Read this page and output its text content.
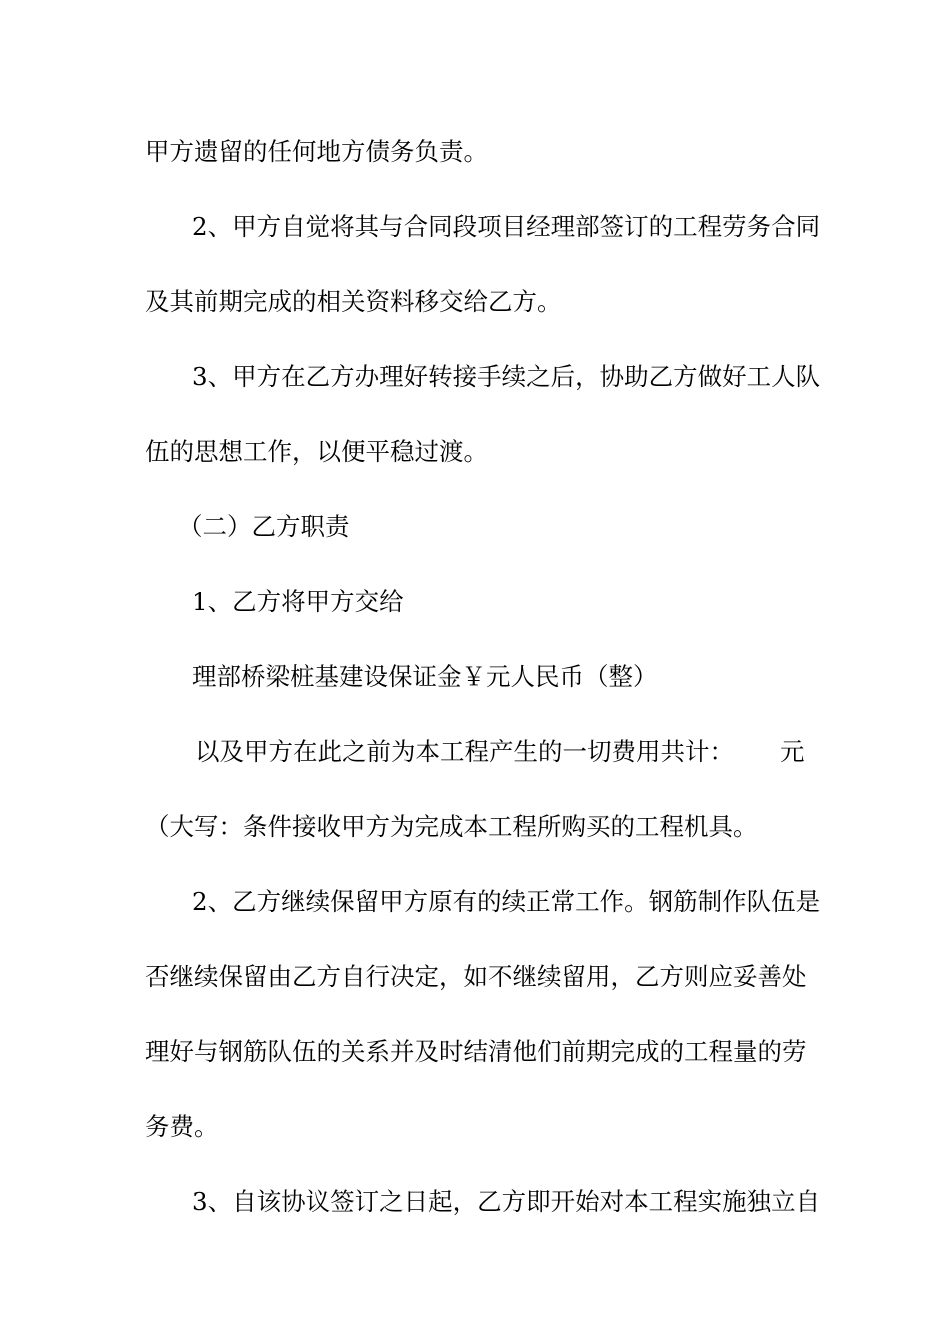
甲方遗留的任何地方债务负责。
2、甲方自觉将其与合同段项目经理部签订的工程劳务合同
及其前期完成的相关资料移交给乙方。
3、甲方在乙方办理好转接手续之后，协助乙方做好工人队
伍的思想工作，以便平稳过渡。
（二）乙方职责
1、乙方将甲方交给
理部桥梁桩基建设保证金￥元人民币（整）
以及甲方在此之前为本工程产生的一切费用共计： 元
（大写：条件接收甲方为完成本工程所购买的工程机具。
2、乙方继续保留甲方原有的续正常工作。钢筋制作队伍是
否继续保留由乙方自行决定，如不继续留用，乙方则应妥善处
理好与钢筋队伍的关系并及时结清他们前期完成的工程量的劳
务费。
3、自该协议签订之日起，乙方即开始对本工程实施独立自
